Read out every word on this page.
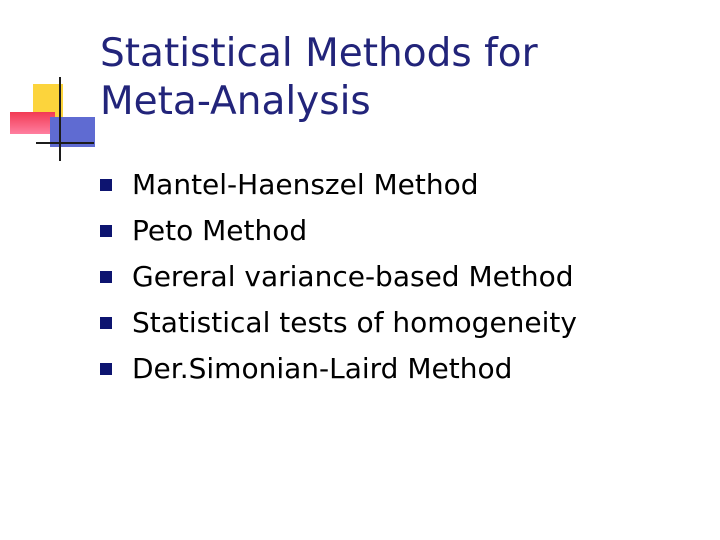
Statistical Methods for
Meta-Analysis
Mantel-Haenszel Method
Peto Method
Gereral variance-based Method
Statistical tests of homogeneity
Der.Simonian-Laird Method
